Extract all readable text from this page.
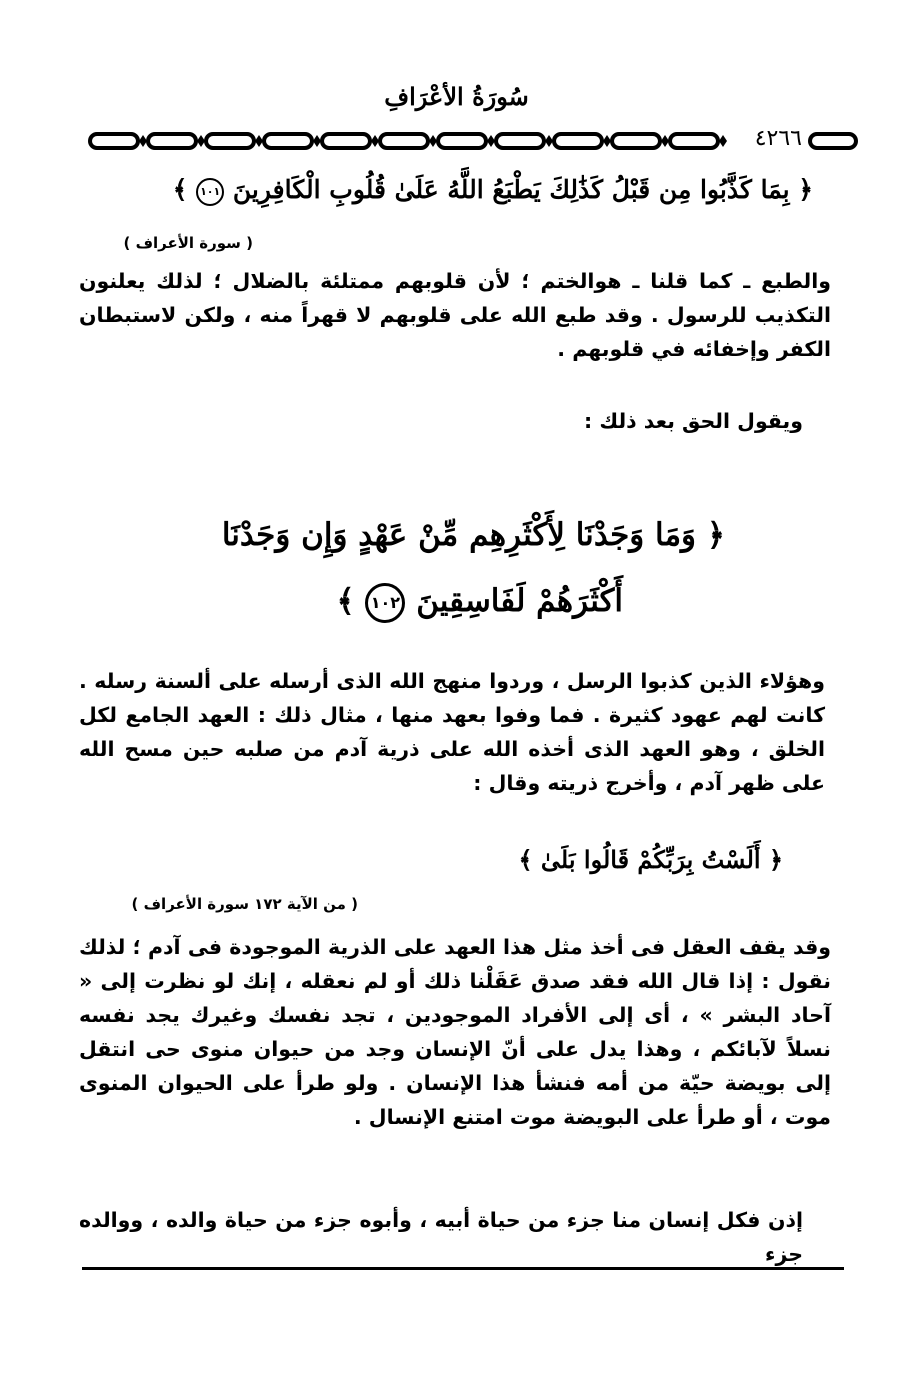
سُورَةُ الأعْرَافِ
٤٢٦٦
﴿ بِمَا كَذَّبُوا مِن قَبْلُ كَذَٰلِكَ يَطْبَعُ اللَّهُ عَلَىٰ قُلُوبِ الْكَافِرِينَ ١٠١ ﴾
( سورة الأعراف )

والطبع ـ كما قلنا ـ هوالختم ؛ لأن قلوبهم ممتلئة بالضلال ؛ لذلك يعلنون التكذيب للرسول . وقد طبع الله على قلوبهم لا قهراً منه ، ولكن لاستبطان الكفر وإخفائه في قلوبهم .

ويقول الحق بعد ذلك :

﴿ وَمَا وَجَدْنَا لِأَكْثَرِهِم مِّنْ عَهْدٍ وَإِن وَجَدْنَا
أَكْثَرَهُمْ لَفَاسِقِينَ ١٠٢ ﴾

وهؤلاء الذين كذبوا الرسل ، وردوا منهج الله الذى أرسله على ألسنة رسله . كانت لهم عهود كثيرة . فما وفوا بعهد منها ، مثال ذلك : العهد الجامع لكل الخلق ، وهو العهد الذى أخذه الله على ذرية آدم من صلبه حين مسح الله على ظهر آدم ، وأخرج ذريته وقال :

﴿ أَلَسْتُ بِرَبِّكُمْ قَالُوا بَلَىٰ ﴾
( من الآية ١٧٢ سورة الأعراف )

وقد يقف العقل فى أخذ مثل هذا العهد على الذرية الموجودة فى آدم ؛ لذلك نقول : إذا قال الله فقد صدق عَقَلْنا ذلك أو لم نعقله ، إنك لو نظرت إلى « آحاد البشر » ، أى إلى الأفراد الموجودين ، تجد نفسك وغيرك يجد نفسه نسلاً لآبائكم ، وهذا يدل على أنّ الإنسان وجد من حيوان منوى حى انتقل إلى بويضة حيّة من أمه فنشأ هذا الإنسان . ولو طرأ على الحيوان المنوى موت ، أو طرأ على البويضة موت امتنع الإنسال .

إذن فكل إنسان منا جزء من حياة أبيه ، وأبوه جزء من حياة والده ، ووالده جزء
